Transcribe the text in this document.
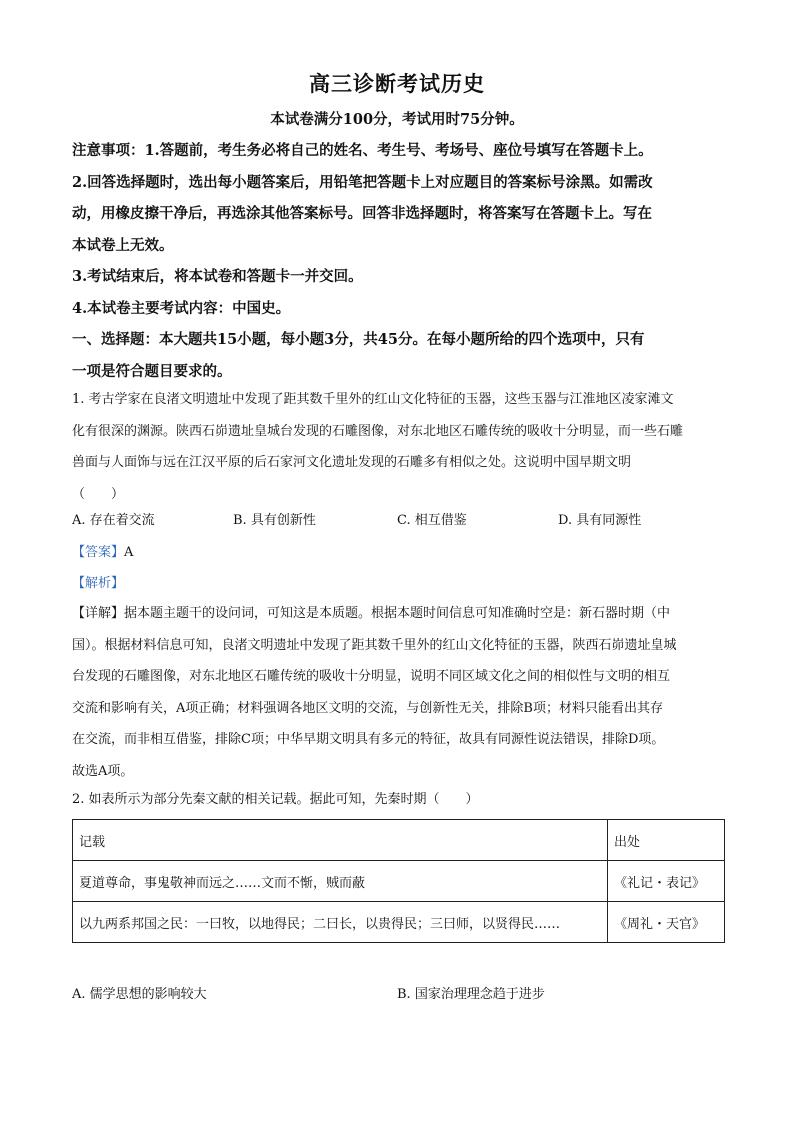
高三诊断考试历史
本试卷满分100分，考试用时75分钟。

注意事项：1.答题前，考生务必将自己的姓名、考生号、考场号、座位号填写在答题卡上。

2.回答选择题时，选出每小题答案后，用铅笔把答题卡上对应题目的答案标号涂黑。如需改

动，用橡皮擦干净后，再选涂其他答案标号。回答非选择题时，将答案写在答题卡上。写在

本试卷上无效。

3.考试结束后，将本试卷和答题卡一并交回。

4.本试卷主要考试内容：中国史。

一、选择题：本大题共15小题，每小题3分，共45分。在每小题所给的四个选项中，只有

一项是符合题目要求的。

1. 考古学家在良渚文明遗址中发现了距其数千里外的红山文化特征的玉器，这些玉器与江淮地区凌家滩文

化有很深的渊源。陕西石峁遗址皇城台发现的石雕图像，对东北地区石雕传统的吸收十分明显，而一些石雕

兽面与人面饰与远在江汉平原的后石家河文化遗址发现的石雕多有相似之处。这说明中国早期文明

（　　）

A. 存在着交流	B. 具有创新性	C. 相互借鉴	D. 具有同源性
【答案】A
【解析】

【详解】据本题主题干的设问词，可知这是本质题。根据本题时间信息可知准确时空是：新石器时期（中

国）。根据材料信息可知，良渚文明遗址中发现了距其数千里外的红山文化特征的玉器，陕西石峁遗址皇城

台发现的石雕图像，对东北地区石雕传统的吸收十分明显，说明不同区域文化之间的相似性与文明的相互

交流和影响有关，A项正确；材料强调各地区文明的交流，与创新性无关，排除B项；材料只能看出其存

在交流，而非相互借鉴，排除C项；中华早期文明具有多元的特征，故具有同源性说法错误，排除D项。

故选A项。

2. 如表所示为部分先秦文献的相关记载。据此可知，先秦时期（　　）
记载	出处
夏道尊命，事鬼敬神而远之……文而不惭，贼而蔽	《礼记・表记》
以九两系邦国之民：一曰牧，以地得民；二曰长，以贵得民；三曰师，以贤得民……	《周礼・天官》
A. 儒学思想的影响较大	B. 国家治理理念趋于进步
